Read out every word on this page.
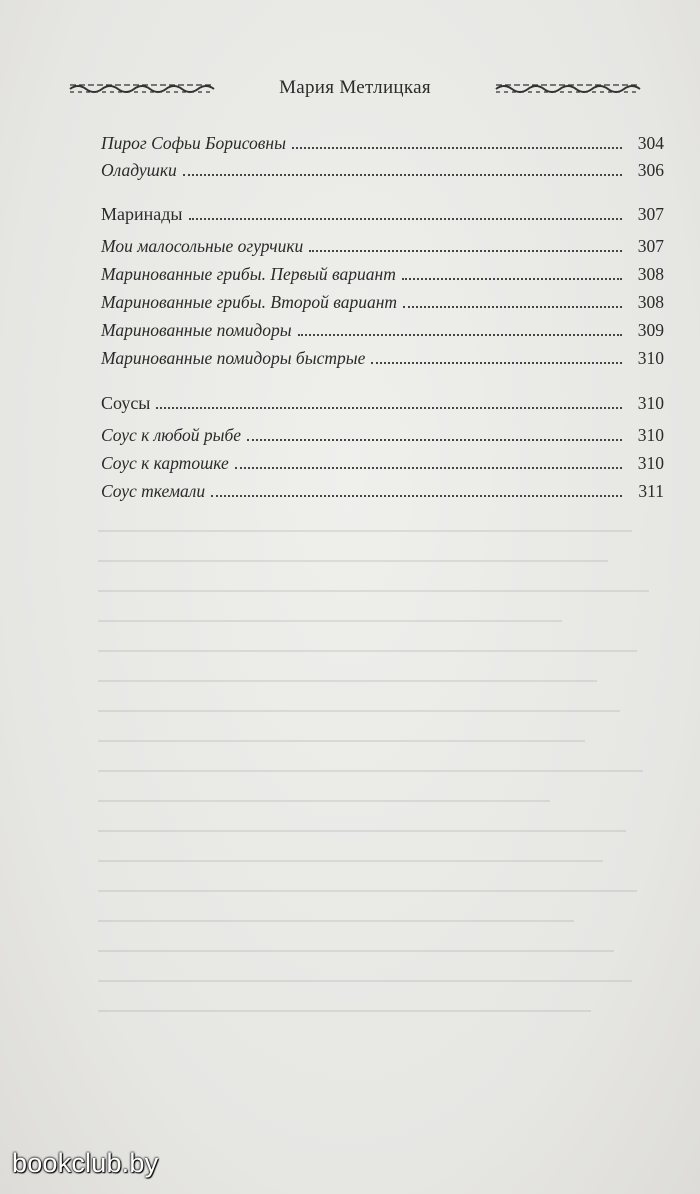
Мария Метлицкая
Пирог Софьи Борисовны	304
Оладушки	306
Маринады	307
Мои малосольные огурчики	307
Маринованные грибы. Первый вариант	308
Маринованные грибы. Второй вариант	308
Маринованные помидоры	309
Маринованные помидоры быстрые	310
Соусы	310
Соус к любой рыбе	310
Соус к картошке	310
Соус ткемали	311
bookclub.by
